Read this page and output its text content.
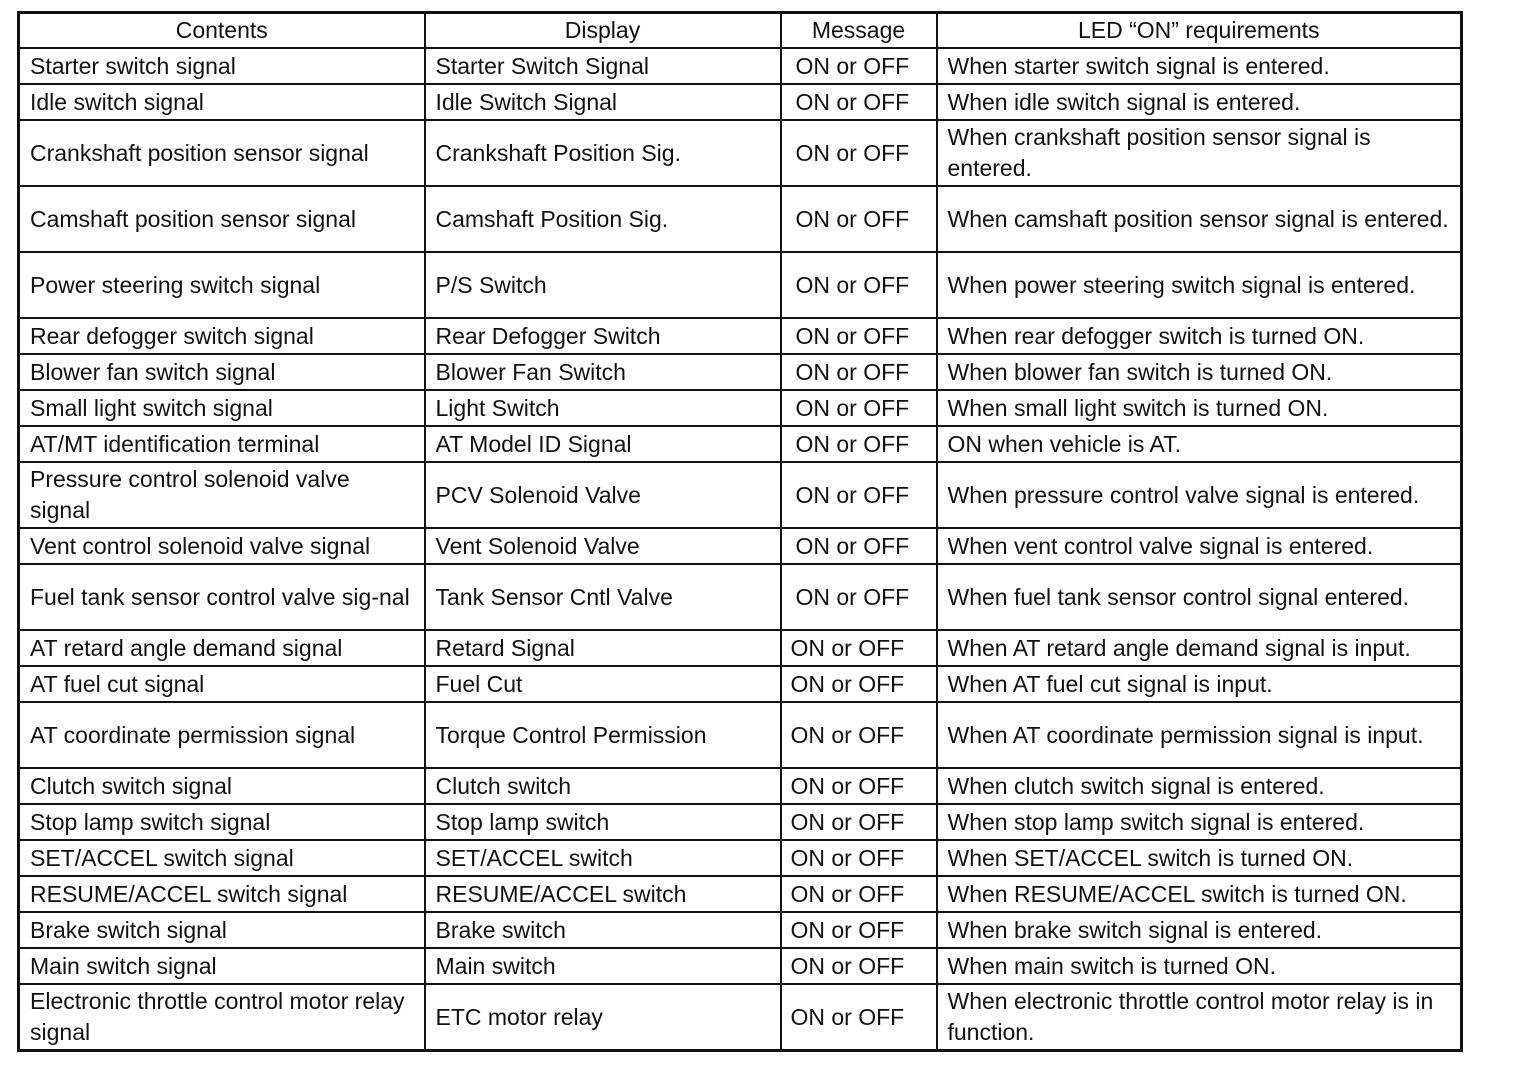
Contents	Display	Message	LED “ON” requirements
Starter switch signal	Starter Switch Signal	ON or OFF	When starter switch signal is entered.
Idle switch signal	Idle Switch Signal	ON or OFF	When idle switch signal is entered.
Crankshaft position sensor signal	Crankshaft Position Sig.	ON or OFF	When crankshaft position sensor signal is entered.
Camshaft position sensor signal	Camshaft Position Sig.	ON or OFF	When camshaft position sensor signal is entered.
Power steering switch signal	P/S Switch	ON or OFF	When power steering switch signal is entered.
Rear defogger switch signal	Rear Defogger Switch	ON or OFF	When rear defogger switch is turned ON.
Blower fan switch signal	Blower Fan Switch	ON or OFF	When blower fan switch is turned ON.
Small light switch signal	Light Switch	ON or OFF	When small light switch is turned ON.
AT/MT identification terminal	AT Model ID Signal	ON or OFF	ON when vehicle is AT.
Pressure control solenoid valve signal	PCV Solenoid Valve	ON or OFF	When pressure control valve signal is entered.
Vent control solenoid valve signal	Vent Solenoid Valve	ON or OFF	When vent control valve signal is entered.
Fuel tank sensor control valve sig-nal	Tank Sensor Cntl Valve	ON or OFF	When fuel tank sensor control signal entered.
AT retard angle demand signal	Retard Signal	ON or OFF	When AT retard angle demand signal is input.
AT fuel cut signal	Fuel Cut	ON or OFF	When AT fuel cut signal is input.
AT coordinate permission signal	Torque Control Permission	ON or OFF	When AT coordinate permission signal is input.
Clutch switch signal	Clutch switch	ON or OFF	When clutch switch signal is entered.
Stop lamp switch signal	Stop lamp switch	ON or OFF	When stop lamp switch signal is entered.
SET/ACCEL switch signal	SET/ACCEL switch	ON or OFF	When SET/ACCEL switch is turned ON.
RESUME/ACCEL switch signal	RESUME/ACCEL switch	ON or OFF	When RESUME/ACCEL switch is turned ON.
Brake switch signal	Brake switch	ON or OFF	When brake switch signal is entered.
Main switch signal	Main switch	ON or OFF	When main switch is turned ON.
Electronic throttle control motor relay signal	ETC motor relay	ON or OFF	When electronic throttle control motor relay is in function.
